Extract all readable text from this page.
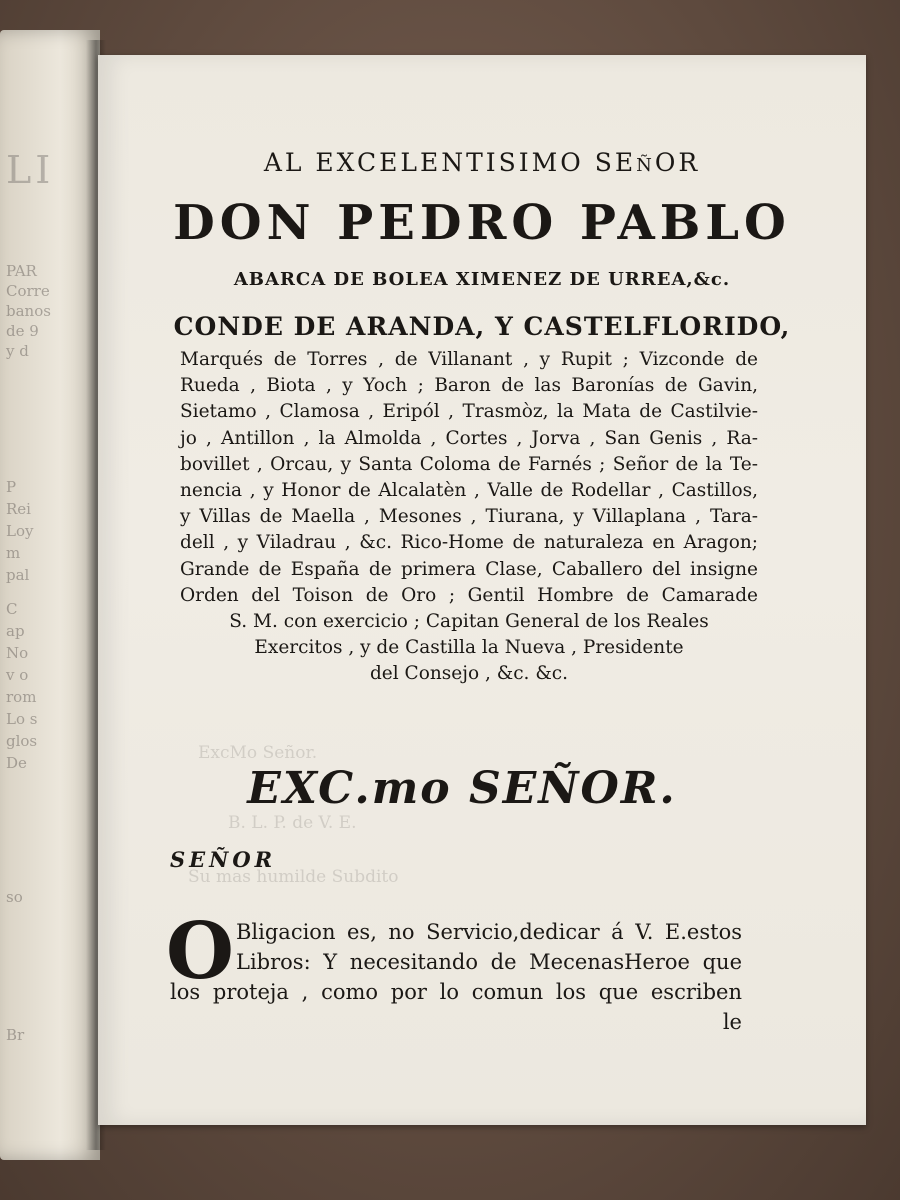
LI
PAR
Corre
banos
de 9
y d
P
Rei
Loy
m
pal
C
ap
No
v o
rom
Lo s
glos
De
so
Br
ExcMo Señor.
B. L. P. de V. E.
Su mas humilde Subdito
AL EXCELENTISIMO SEñOR
DON PEDRO PABLO
ABARCA DE BOLEA XIMENEZ DE URREA,&c.
CONDE DE ARANDA, Y CASTELFLORIDO,
Marqués de Torres , de Villanant , y Rupit ; Vizconde de
Rueda , Biota , y Yoch ; Baron de las Baronías de Gavin,
Sietamo , Clamosa , Eripól , Trasmòz, la Mata de Castilvie-
jo , Antillon , la Almolda , Cortes , Jorva , San Genis , Ra-
bovillet , Orcau, y Santa Coloma de Farnés ; Señor de la Te-
nencia , y Honor de Alcalatèn , Valle de Rodellar , Castillos,
y Villas de Maella , Mesones , Tiurana, y Villaplana , Tara-
dell , y Viladrau , &c. Rico-Home de naturaleza en Aragon;
Grande de España de primera Clase, Caballero del insigne
Orden del Toison de Oro ; Gentil Hombre de Camarade
S. M. con exercicio ; Capitan General de los Reales
Exercitos , y de Castilla la Nueva , Presidente
del Consejo , &c. &c.
EXC.mo SEÑOR.
SEÑOR
O Bligacion es, no Servicio,dedicar á V. E.estos
Libros: Y necesitando de MecenasHeroe que
los proteja , como por lo comun los que escriben
le
